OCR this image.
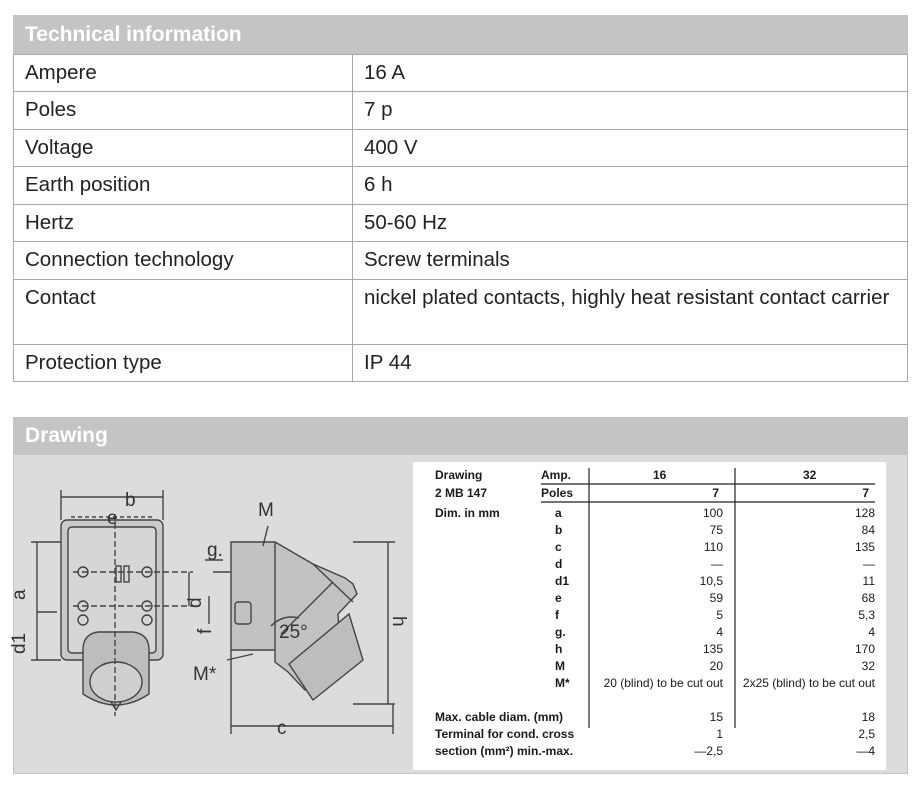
Technical information
Ampere	16 A
Poles	7 p
Voltage	400 V
Earth position	6 h
Hertz	50-60 Hz
Connection technology	Screw terminals
Contact	nickel plated contacts, highly heat resistant contact carrier
Protection type	IP 44
Drawing
b
e
a
d1
M
g.
d
f	25°
h
M*
c
Drawing	Amp.	16	32
2 MB 147	Poles	7	7
Dim. in mm	a	100	128
b	75	84
c	110	135
d	—	—
d1	10,5	11
e	59	68
f	5	5,3
g.	4	4
h	135	170
M	20	32
M*	20 (blind) to be cut out	2x25 (blind) to be cut out
Max. cable diam. (mm)	15	18
Terminal for cond. cross	1	2,5
section (mm²) min.-max.	—2,5	—4
